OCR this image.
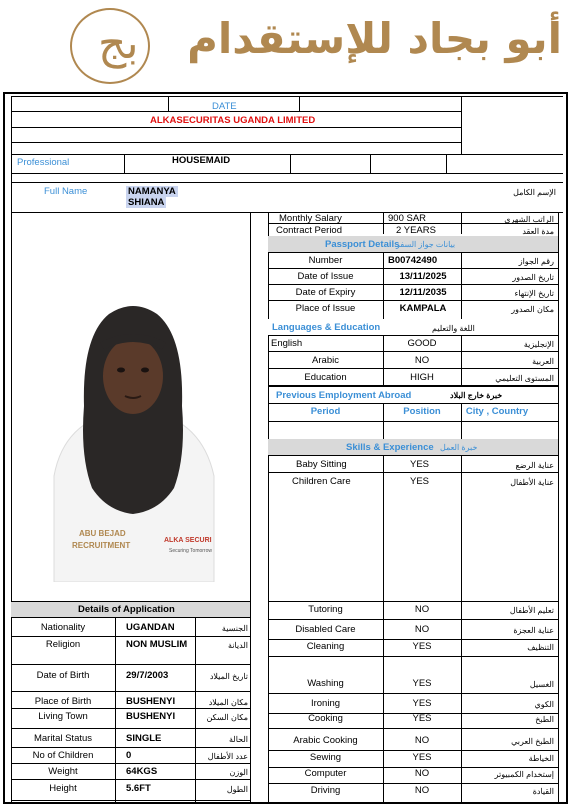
ﺑﺞ	أبو بجاد للإستقدام
DATE
ALKASECURITAS UGANDA LIMITED
Professional	HOUSEMAID
Full Name	NAMANYA
SHIANA
الإسم الكامل
ABU BEJAD
RECRUITMENT
ALKA SECURI
Securing Tomorrow
Monthly Salary	900 SAR	الراتب الشهري
Contract Period	2 YEARS	مدة العقد
Passport Details
بيانات جواز السفر
Number	B00742490	رقم الجواز
Date of Issue	13/11/2025	تاريخ الصدور
Date of Expiry	12/11/2035	تاريخ الإنتهاء
Place of Issue	KAMPALA	مكان الصدور
Languages & Education	اللغة والتعليم
English	GOOD	الإنجليزية
Arabic	NO	العربية
Education	HIGH	المستوى التعليمي
Previous Employment Abroad	خبرة خارج البلاد
Period	Position	City , Country
Skills & Experience خبرة العمل
Baby Sitting	YES	عناية الرضع
Children Care	YES	عناية الأطفال
Details of Application
Nationality	UGANDAN	الجنسية
Religion	NON MUSLIM	الديانة
Date of Birth	29/7/2003	تاريخ الميلاد
Place of Birth	BUSHENYI	مكان الميلاد
Living Town	BUSHENYI	مكان السكن
Marital Status	SINGLE	الحالة
No of Children	0	عدد الأطفال
Weight	64KGS	الوزن
Height	5.6FT	الطول
Tutoring	NO	تعليم الأطفال
Disabled Care	NO	عناية العجزة
Cleaning	YES	التنظيف
Washing	YES	الغسيل
Ironing	YES	الكوي
Cooking	YES	الطبخ
Arabic Cooking	NO	الطبخ العربي
Sewing	YES	الخياطة
Computer	NO	إستخدام الكمبيوتر
Driving	NO	القيادة
